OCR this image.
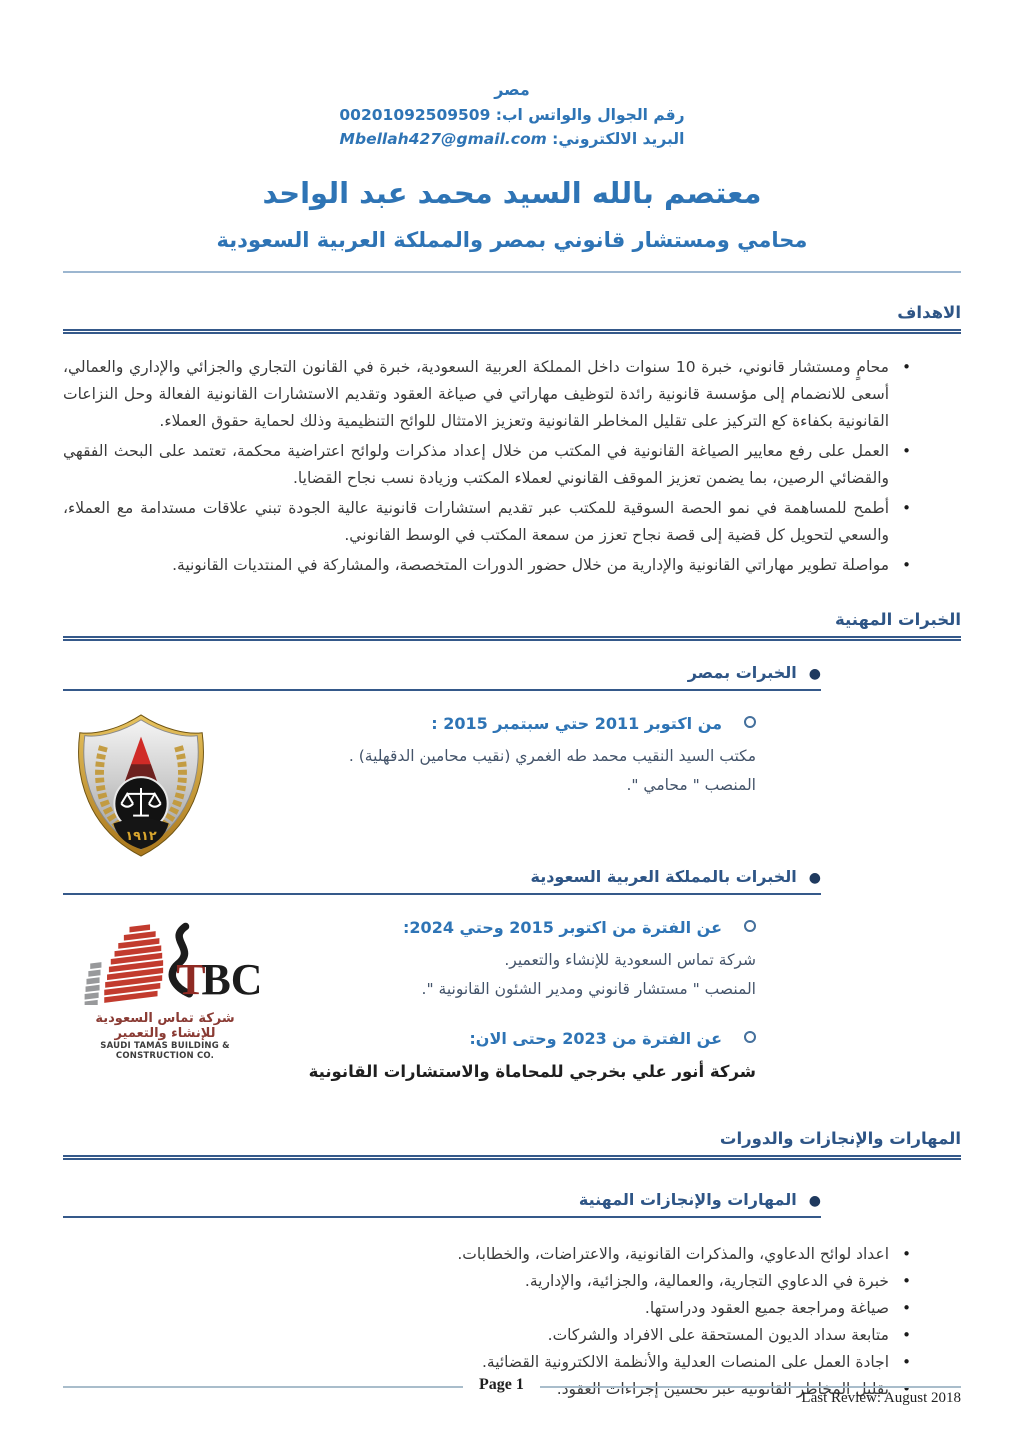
مصر
رقم الجوال والواتس اب: 00201092509509
البريد الالكتروني: Mbellah427@gmail.com
معتصم بالله السيد محمد عبد الواحد
محامي ومستشار قانوني بمصر والمملكة العربية السعودية
الاهداف
• محامٍ ومستشار قانوني، خبرة 10 سنوات داخل المملكة العربية السعودية، خبرة في القانون التجاري والجزائي والإداري والعمالي، أسعى للانضمام إلى مؤسسة قانونية رائدة لتوظيف مهاراتي في صياغة العقود وتقديم الاستشارات القانونية الفعالة وحل النزاعات القانونية بكفاءة كع التركيز على تقليل المخاطر القانونية وتعزيز الامتثال للوائح التنظيمية وذلك لحماية حقوق العملاء.
• العمل على رفع معايير الصياغة القانونية في المكتب من خلال إعداد مذكرات ولوائح اعتراضية محكمة، تعتمد على البحث الفقهي والقضائي الرصين، بما يضمن تعزيز الموقف القانوني لعملاء المكتب وزيادة نسب نجاح القضايا.
• أطمح للمساهمة في نمو الحصة السوقية للمكتب عبر تقديم استشارات قانونية عالية الجودة تبني علاقات مستدامة مع العملاء، والسعي لتحويل كل قضية إلى قصة نجاح تعزز من سمعة المكتب في الوسط القانوني.
• مواصلة تطوير مهاراتي القانونية والإدارية من خلال حضور الدورات المتخصصة، والمشاركة في المنتديات القانونية.
الخبرات المهنية
●الخبرات بمصر
١٩١٢
من اكتوبر 2011 حتي سبتمبر 2015 :
مكتب السيد النقيب محمد طه الغمري (نقيب محامين الدقهلية) .
المنصب " محامي ".
●الخبرات بالمملكة العربية السعودية
T
BC
شركة تماس السعودية للإنشاء والتعمير
SAUDI TAMAS BUILDING & CONSTRUCTION CO.
عن الفترة من اكتوبر 2015 وحتي 2024:
شركة تماس السعودية للإنشاء والتعمير.
المنصب " مستشار قانوني ومدير الشئون القانونية ".
عن الفترة من 2023 وحتى الان:
شركة أنور علي بخرجي للمحاماة والاستشارات القانونية
المهارات والإنجازات والدورات
●المهارات والإنجازات المهنية
• اعداد لوائح الدعاوي، والمذكرات القانونية، والاعتراضات، والخطابات.
• خبرة في الدعاوي التجارية، والعمالية، والجزائية، والإدارية.
• صياغة ومراجعة جميع العقود ودراستها.
• متابعة سداد الديون المستحقة على الافراد والشركات.
• اجادة العمل على المنصات العدلية والأنظمة الالكترونية القضائية.
• تقليل المخاطر القانونية عبر تحسين إجراءات العقود.
Page 1
Last Review: August 2018
